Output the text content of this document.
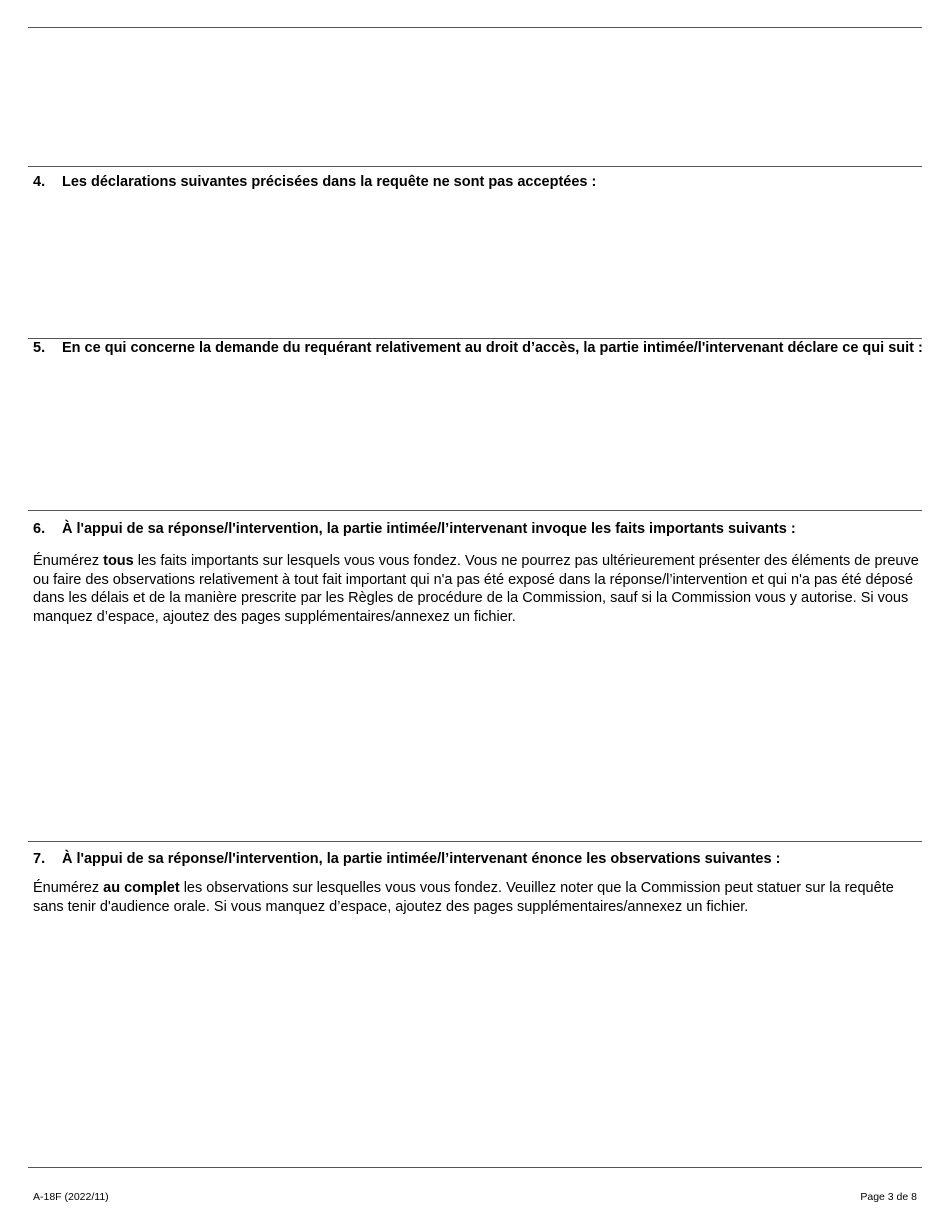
4.	Les déclarations suivantes précisées dans la requête ne sont pas acceptées :
5.	En ce qui concerne la demande du requérant relativement au droit d’accès, la partie intimée/l'intervenant déclare ce qui suit :
6.	À l'appui de sa réponse/l'intervention, la partie intimée/l’intervenant invoque les faits importants suivants :

Énumérez tous les faits importants sur lesquels vous vous fondez. Vous ne pourrez pas ultérieurement présenter des éléments de preuve ou faire des observations relativement à tout fait important qui n'a pas été exposé dans la réponse/l’intervention et qui n'a pas été déposé dans les délais et de la manière prescrite par les Règles de procédure de la Commission, sauf si la Commission vous y autorise. Si vous manquez d’espace, ajoutez des pages supplémentaires/annexez un fichier.

7.	À l'appui de sa réponse/l'intervention, la partie intimée/l’intervenant énonce les observations suivantes :

Énumérez au complet les observations sur lesquelles vous vous fondez. Veuillez noter que la Commission peut statuer sur la requête sans tenir d'audience orale. Si vous manquez d’espace, ajoutez des pages supplémentaires/annexez un fichier.

A-18F (2022/11)	Page 3 de 8
